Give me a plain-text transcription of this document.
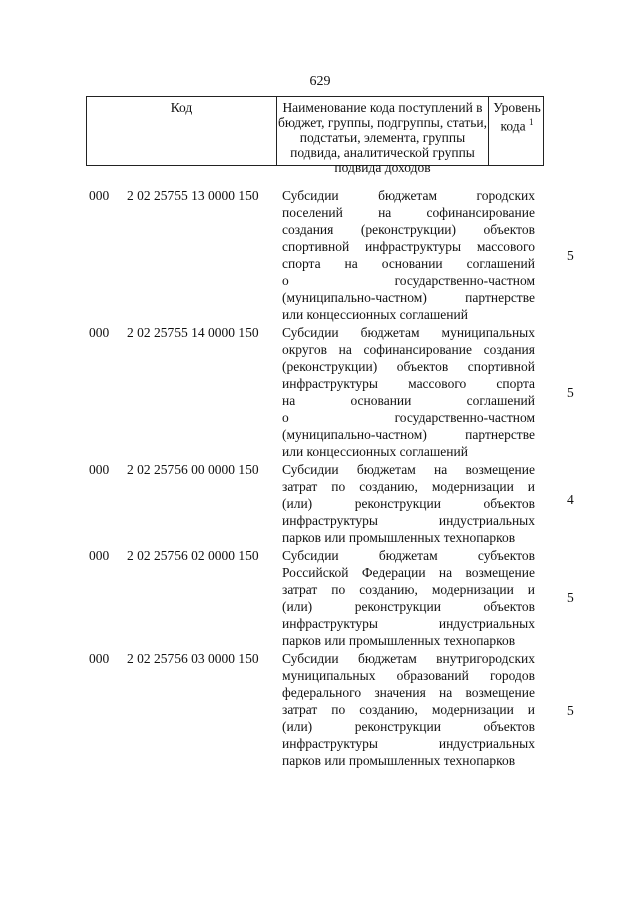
629
Код	Наименование кода поступлений в бюджет, группы, подгруппы, статьи, подстатьи, элемента, группы подвида, аналитической группы подвида доходов
Уровень
кода $^1$
000 2 02 25755 13 0000 150 Субсидии бюджетам городских
поселений на софинансирование
создания (реконструкции) объектов
спортивной инфраструктуры массового
спорта на основании соглашений
о государственно-частном
(муниципально-частном) партнерстве
или концессионных соглашений
5
000 2 02 25755 14 0000 150 Субсидии бюджетам муниципальных
округов на софинансирование создания
(реконструкции) объектов спортивной
инфраструктуры массового спорта
на основании соглашений
о государственно-частном
(муниципально-частном) партнерстве
или концессионных соглашений
5
000 2 02 25756 00 0000 150 Субсидии бюджетам на возмещение
затрат по созданию, модернизации и
(или) реконструкции объектов
инфраструктуры индустриальных
парков или промышленных технопарков
4
000 2 02 25756 02 0000 150 Субсидии бюджетам субъектов
Российской Федерации на возмещение
затрат по созданию, модернизации и
(или) реконструкции объектов
инфраструктуры индустриальных
парков или промышленных технопарков
5
000 2 02 25756 03 0000 150 Субсидии бюджетам внутригородских
муниципальных образований городов
федерального значения на возмещение
затрат по созданию, модернизации и
(или) реконструкции объектов
инфраструктуры индустриальных
парков или промышленных технопарков
5
